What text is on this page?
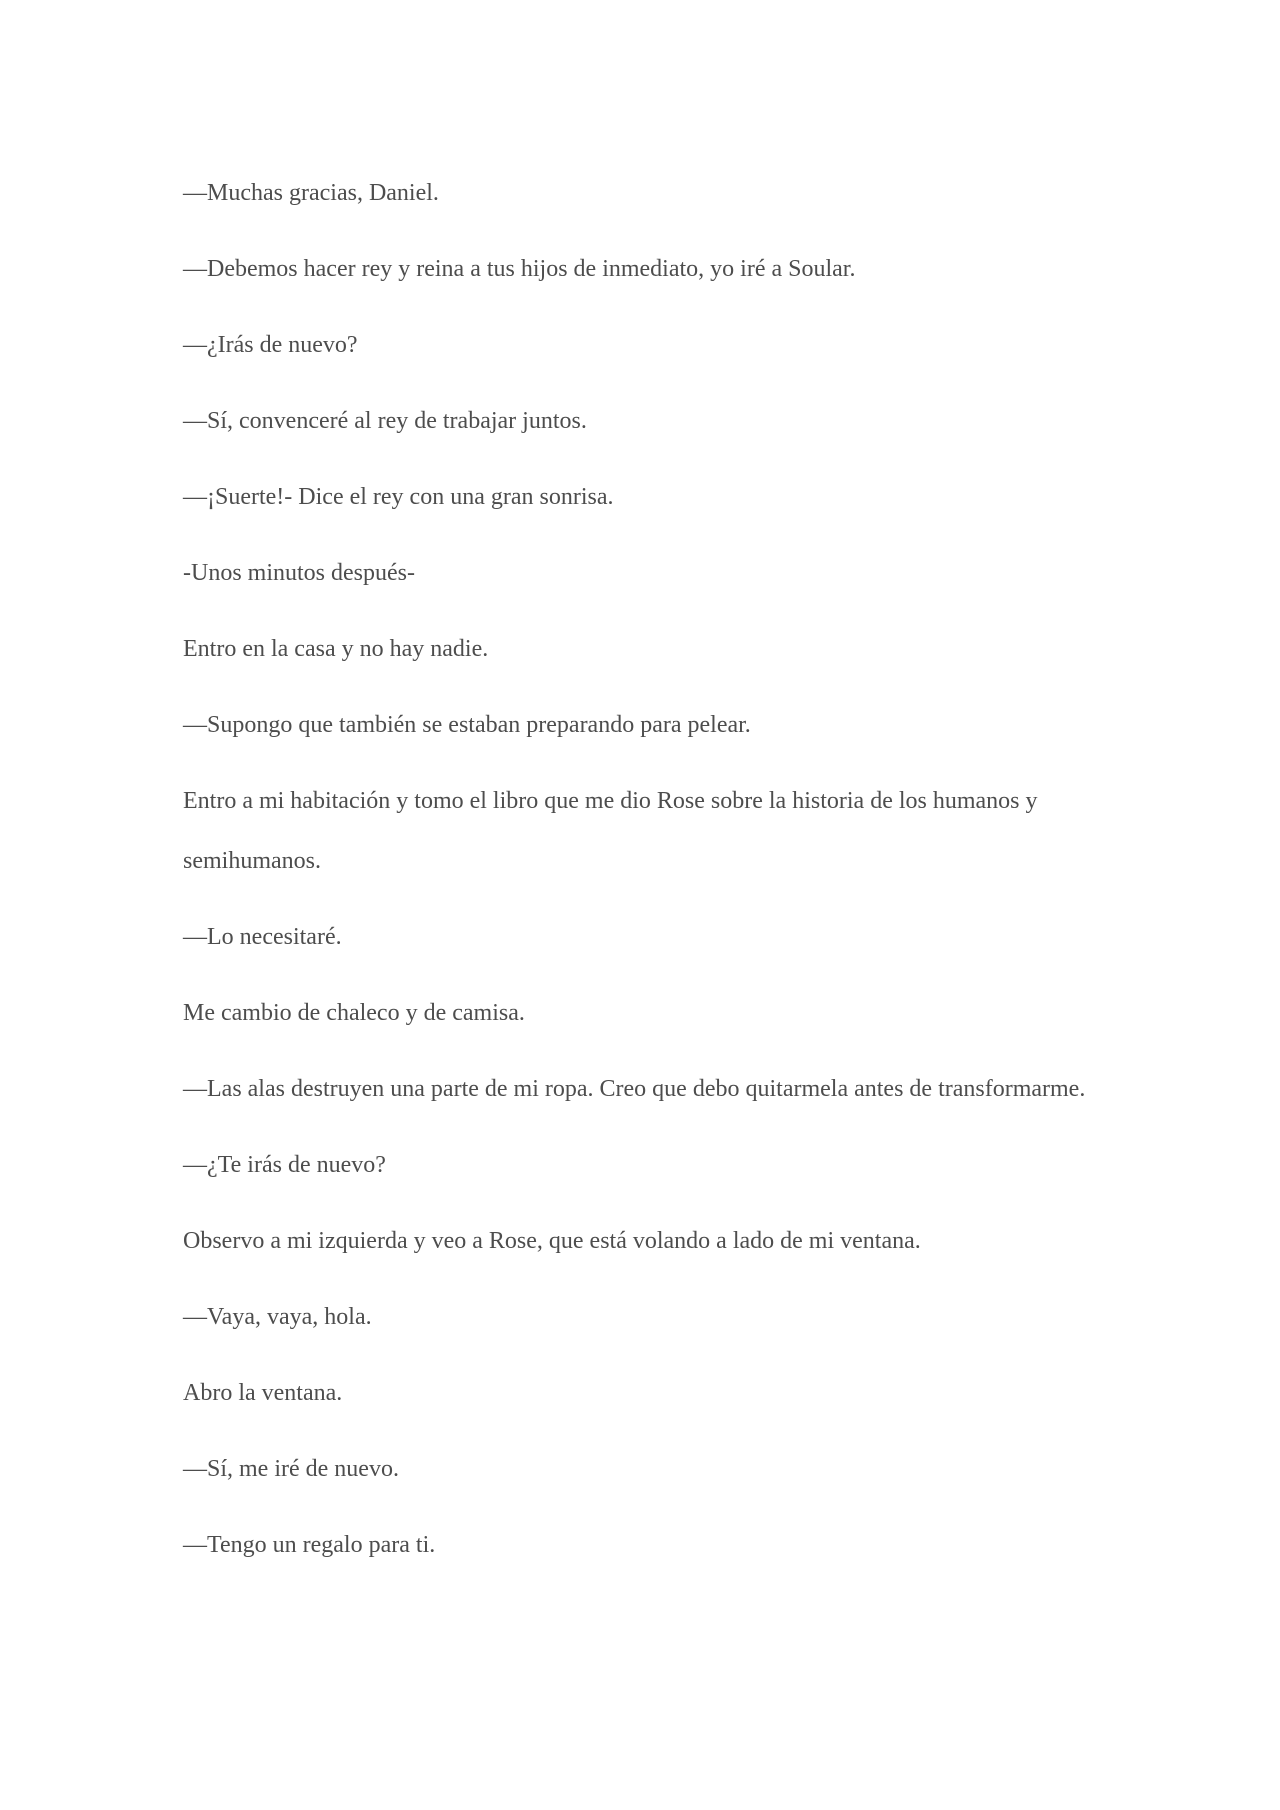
—Muchas gracias, Daniel.

—Debemos hacer rey y reina a tus hijos de inmediato, yo iré a Soular.

—¿Irás de nuevo?

—Sí, convenceré al rey de trabajar juntos.

—¡Suerte!- Dice el rey con una gran sonrisa.

-Unos minutos después-

Entro en la casa y no hay nadie.

—Supongo que también se estaban preparando para pelear.

Entro a mi habitación y tomo el libro que me dio Rose sobre la historia de los humanos y semihumanos.

—Lo necesitaré.

Me cambio de chaleco y de camisa.

—Las alas destruyen una parte de mi ropa. Creo que debo quitarmela antes de transformarme.

—¿Te irás de nuevo?

Observo a mi izquierda y veo a Rose, que está volando a lado de mi ventana.

—Vaya, vaya, hola.

Abro la ventana.

—Sí, me iré de nuevo.

—Tengo un regalo para ti.
